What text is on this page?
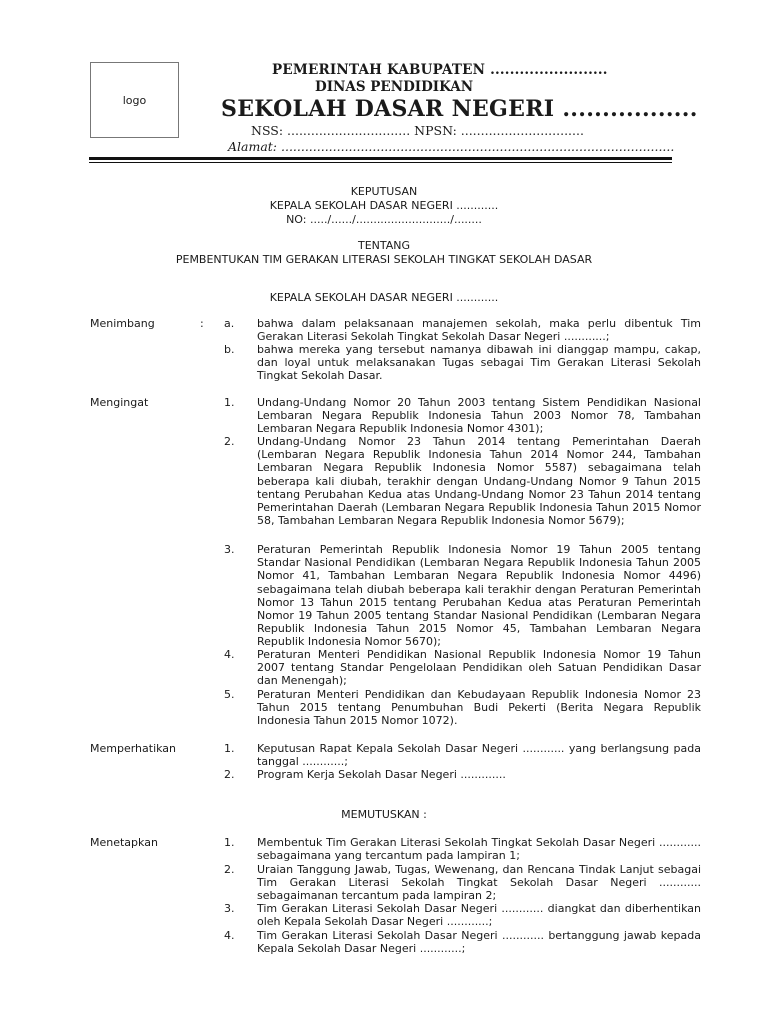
logo
PEMERINTAH KABUPATEN ........................
DINAS PENDIDIKAN
SEKOLAH DASAR NEGERI .................
NSS: ............................... NPSN: ...............................
Alamat: ...................................................................................................
KEPUTUSAN
KEPALA SEKOLAH DASAR NEGERI ............
NO: ...../....../.........................../........
TENTANG
PEMBENTUKAN TIM GERAKAN LITERASI SEKOLAH TINGKAT SEKOLAH DASAR
KEPALA SEKOLAH DASAR NEGERI ............
Menimbang	: a. bahwa dalam pelaksanaan manajemen sekolah, maka perlu dibentuk Tim Gerakan Literasi Sekolah Tingkat Sekolah Dasar Negeri ............;
b. bahwa mereka yang tersebut namanya dibawah ini dianggap mampu, cakap, dan loyal untuk melaksanakan Tugas sebagai Tim Gerakan Literasi Sekolah Tingkat Sekolah Dasar.
Mengingat	1. Undang-Undang Nomor 20 Tahun 2003 tentang Sistem Pendidikan Nasional Lembaran Negara Republik Indonesia Tahun 2003 Nomor 78, Tambahan Lembaran Negara Republik Indonesia Nomor 4301);
2. Undang-Undang Nomor 23 Tahun 2014 tentang Pemerintahan Daerah (Lembaran Negara Republik Indonesia Tahun 2014 Nomor 244, Tambahan Lembaran Negara Republik Indonesia Nomor 5587) sebagaimana telah beberapa kali diubah, terakhir dengan Undang-Undang Nomor 9 Tahun 2015 tentang Perubahan Kedua atas Undang-Undang Nomor 23 Tahun 2014 tentang Pemerintahan Daerah (Lembaran Negara Republik Indonesia Tahun 2015 Nomor 58, Tambahan Lembaran Negara Republik Indonesia Nomor 5679);
3. Peraturan Pemerintah Republik Indonesia Nomor 19 Tahun 2005 tentang Standar Nasional Pendidikan (Lembaran Negara Republik Indonesia Tahun 2005 Nomor 41, Tambahan Lembaran Negara Republik Indonesia Nomor 4496) sebagaimana telah diubah beberapa kali terakhir dengan Peraturan Pemerintah Nomor 13 Tahun 2015 tentang Perubahan Kedua atas Peraturan Pemerintah Nomor 19 Tahun 2005 tentang Standar Nasional Pendidikan (Lembaran Negara Republik Indonesia Tahun 2015 Nomor 45, Tambahan Lembaran Negara Republik Indonesia Nomor 5670);
4. Peraturan Menteri Pendidikan Nasional Republik Indonesia Nomor 19 Tahun 2007 tentang Standar Pengelolaan Pendidikan oleh Satuan Pendidikan Dasar dan Menengah);
5. Peraturan Menteri Pendidikan dan Kebudayaan Republik Indonesia Nomor 23 Tahun 2015 tentang Penumbuhan Budi Pekerti (Berita Negara Republik Indonesia Tahun 2015 Nomor 1072).
Memperhatikan	1. Keputusan Rapat Kepala Sekolah Dasar Negeri ............ yang berlangsung pada tanggal ............;
2. Program Kerja Sekolah Dasar Negeri .............
MEMUTUSKAN :
Menetapkan	1. Membentuk Tim Gerakan Literasi Sekolah Tingkat Sekolah Dasar Negeri ............ sebagaimana yang tercantum pada lampiran 1;
2. Uraian Tanggung Jawab, Tugas, Wewenang, dan Rencana Tindak Lanjut sebagai Tim Gerakan Literasi Sekolah Tingkat Sekolah Dasar Negeri ............ sebagaimanan tercantum pada lampiran 2;
3. Tim Gerakan Literasi Sekolah Dasar Negeri ............ diangkat dan diberhentikan oleh Kepala Sekolah Dasar Negeri ............;
4. Tim Gerakan Literasi Sekolah Dasar Negeri ............ bertanggung jawab kepada Kepala Sekolah Dasar Negeri ............;
